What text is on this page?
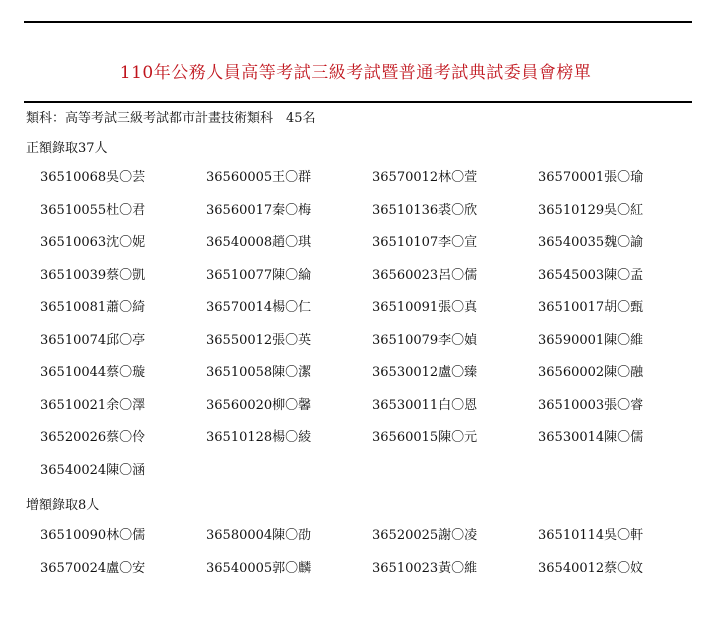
110年公務人員高等考試三級考試暨普通考試典試委員會榜單
類科：高等考試三級考試都市計畫技術類科　45名
正額錄取37人
36510068吳〇芸	36560005王〇群	36570012林〇萱	36570001張〇瑜
36510055杜〇君	36560017秦〇梅	36510136裘〇欣	36510129吳〇紅
36510063沈〇妮	36540008趙〇琪	36510107李〇宣	36540035魏〇諭
36510039蔡〇凱	36510077陳〇綸	36560023呂〇儒	36545003陳〇孟
36510081蕭〇綺	36570014楊〇仁	36510091張〇真	36510017胡〇甄
36510074邱〇亭	36550012張〇英	36510079李〇媜	36590001陳〇維
36510044蔡〇璇	36510058陳〇潔	36530012盧〇臻	36560002陳〇融
36510021余〇澤	36560020柳〇馨	36530011白〇恩	36510003張〇睿
36520026蔡〇伶	36510128楊〇綾	36560015陳〇元	36530014陳〇儒
36540024陳〇涵
增額錄取8人
36510090林〇儒	36580004陳〇劭	36520025謝〇凌	36510114吳〇軒
36570024盧〇安	36540005郭〇麟	36510023黃〇維	36540012蔡〇妏
